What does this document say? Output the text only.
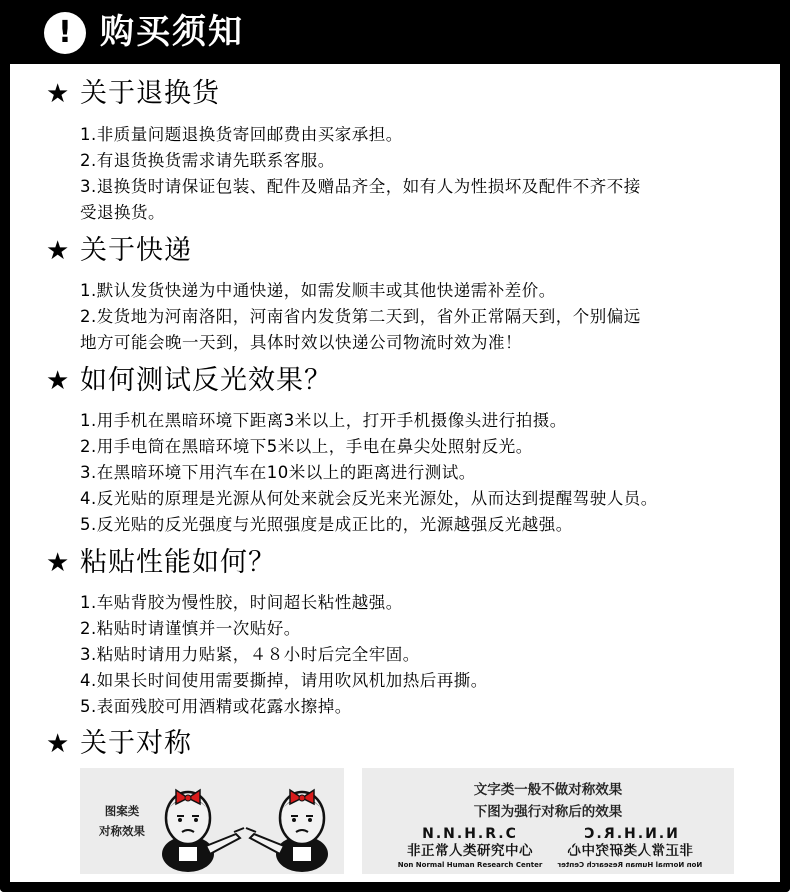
! 购买须知
★ 关于退换货
1.非质量问题退换货寄回邮费由买家承担。
2.有退货换货需求请先联系客服。
3.退换货时请保证包装、配件及赠品齐全，如有人为性损坏及配件不齐不接
受退换货。
★ 关于快递
1.默认发货快递为中通快递，如需发顺丰或其他快递需补差价。
2.发货地为河南洛阳，河南省内发货第二天到，省外正常隔天到，个别偏远
地方可能会晚一天到，具体时效以快递公司物流时效为准！
★ 如何测试反光效果？
1.用手机在黑暗环境下距离3米以上，打开手机摄像头进行拍摄。
2.用手电筒在黑暗环境下5米以上，手电在鼻尖处照射反光。
3.在黑暗环境下用汽车在10米以上的距离进行测试。
4.反光贴的原理是光源从何处来就会反光来光源处，从而达到提醒驾驶人员。
5.反光贴的反光强度与光照强度是成正比的，光源越强反光越强。
★ 粘贴性能如何？
1.车贴背胶为慢性胶，时间超长粘性越强。
2.粘贴时请谨慎并一次贴好。
3.粘贴时请用力贴紧，４８小时后完全牢固。
4.如果长时间使用需要撕掉，请用吹风机加热后再撕。
5.表面残胶可用酒精或花露水擦掉。
★ 关于对称
图案类
对称效果
文字类一般不做对称效果
下图为强行对称后的效果
N.N.H.R.C
非正常人类研究中心
Non Normal Human Research Center
N.N.H.R.C
非正常人类研究中心
Non Normal Human Research Center
